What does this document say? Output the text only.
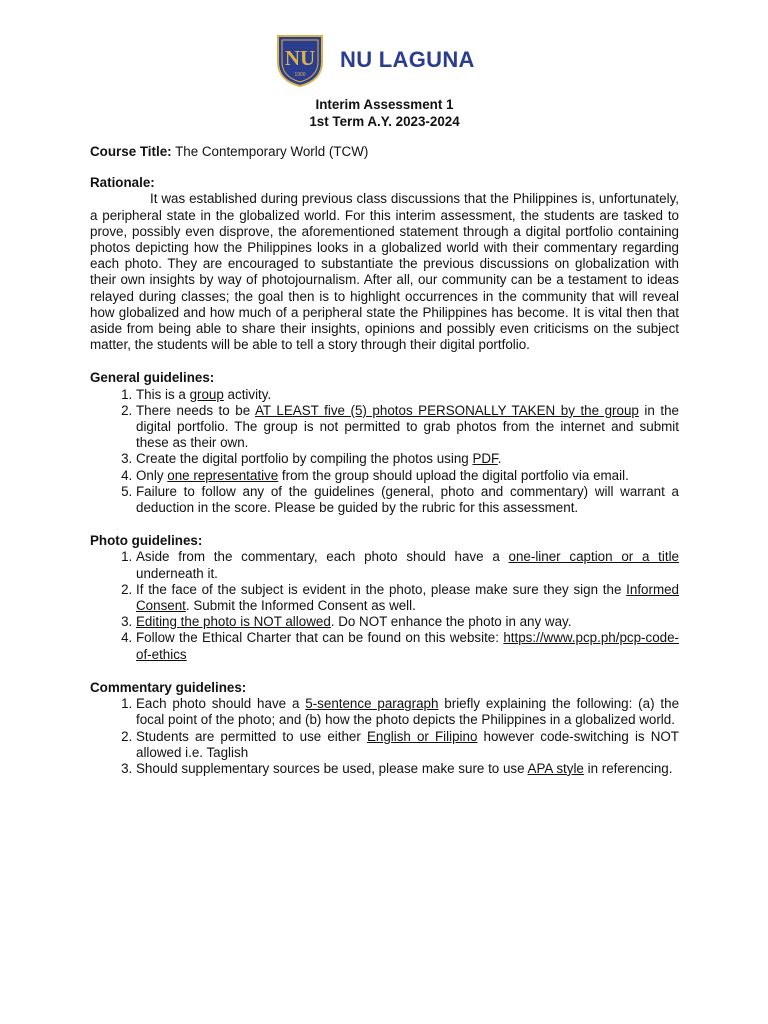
NU
1900
NU LAGUNA
Interim Assessment 1
1st Term A.Y. 2023-2024

Course Title: The Contemporary World (TCW)

Rationale:

It was established during previous class discussions that the Philippines is, unfortunately, a peripheral state in the globalized world. For this interim assessment, the students are tasked to prove, possibly even disprove, the aforementioned statement through a digital portfolio containing photos depicting how the Philippines looks in a globalized world with their commentary regarding each photo. They are encouraged to substantiate the previous discussions on globalization with their own insights by way of photojournalism. After all, our community can be a testament to ideas relayed during classes; the goal then is to highlight occurrences in the community that will reveal how globalized and how much of a peripheral state the Philippines has become. It is vital then that aside from being able to share their insights, opinions and possibly even criticisms on the subject matter, the students will be able to tell a story through their digital portfolio.

General guidelines:

1. This is a group activity.
2. There needs to be AT LEAST five (5) photos PERSONALLY TAKEN by the group in the digital portfolio. The group is not permitted to grab photos from the internet and submit these as their own.
3. Create the digital portfolio by compiling the photos using PDF.
4. Only one representative from the group should upload the digital portfolio via email.
5. Failure to follow any of the guidelines (general, photo and commentary) will warrant a deduction in the score. Please be guided by the rubric for this assessment.

Photo guidelines:

1. Aside from the commentary, each photo should have a one-liner caption or a title underneath it.
2. If the face of the subject is evident in the photo, please make sure they sign the Informed Consent. Submit the Informed Consent as well.
3. Editing the photo is NOT allowed. Do NOT enhance the photo in any way.
4. Follow the Ethical Charter that can be found on this website: https://www.pcp.ph/pcp-code-of-ethics

Commentary guidelines:

1. Each photo should have a 5-sentence paragraph briefly explaining the following: (a) the focal point of the photo; and (b) how the photo depicts the Philippines in a globalized world.
2. Students are permitted to use either English or Filipino however code-switching is NOT allowed i.e. Taglish
3. Should supplementary sources be used, please make sure to use APA style in referencing.
